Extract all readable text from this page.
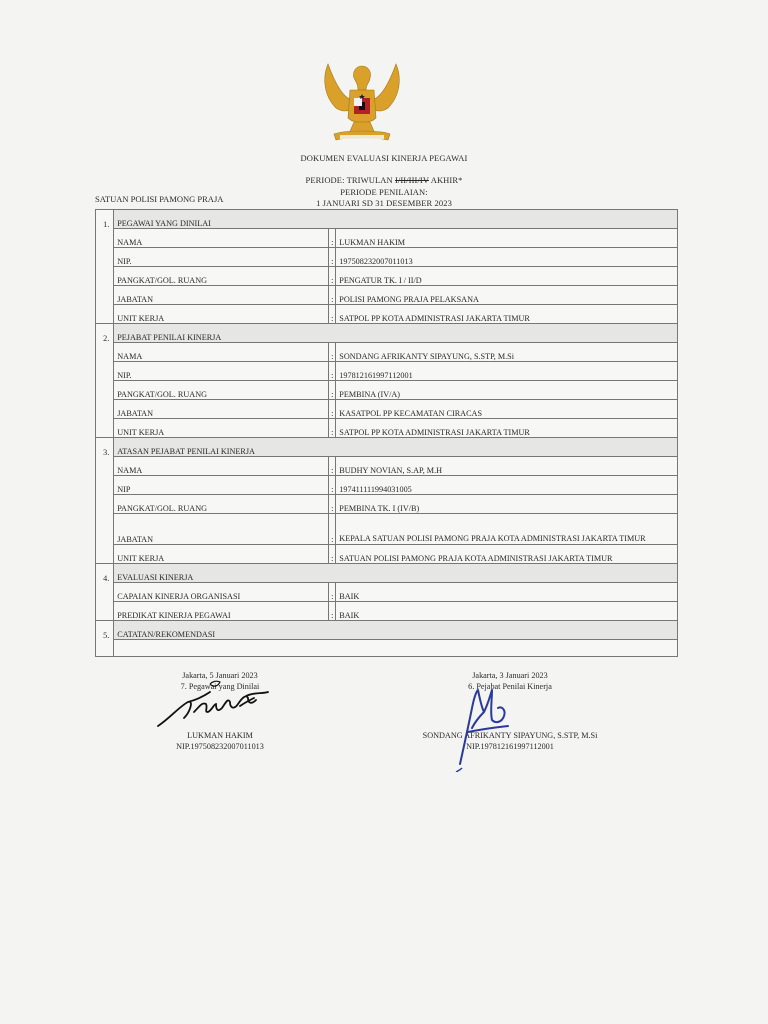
DOKUMEN EVALUASI KINERJA PEGAWAI
PERIODE: TRIWULAN I/II/III/IV AKHIR*
PERIODE PENILAIAN:
1 JANUARI SD 31 DESEMBER 2023
SATUAN POLISI PAMONG PRAJA
1.	PEGAWAI YANG DINILAI		
	NAMA	:	LUKMAN HAKIM
	NIP.	:	197508232007011013
	PANGKAT/GOL. RUANG	:	PENGATUR TK. I / II/D
	JABATAN	:	POLISI PAMONG PRAJA PELAKSANA
	UNIT KERJA	:	SATPOL PP KOTA ADMINISTRASI JAKARTA TIMUR
2.	PEJABAT PENILAI KINERJA		
	NAMA	:	SONDANG AFRIKANTY SIPAYUNG, S.STP, M.Si
	NIP.	:	197812161997112001
	PANGKAT/GOL. RUANG	:	PEMBINA (IV/A)
	JABATAN	:	KASATPOL PP KECAMATAN CIRACAS
	UNIT KERJA	:	SATPOL PP KOTA ADMINISTRASI JAKARTA TIMUR
3.	ATASAN PEJABAT PENILAI KINERJA		
	NAMA	:	BUDHY NOVIAN, S.AP, M.H
	NIP	:	197411111994031005
	PANGKAT/GOL. RUANG	:	PEMBINA TK. I (IV/B)
	JABATAN	:	KEPALA SATUAN POLISI PAMONG PRAJA KOTA ADMINISTRASI JAKARTA TIMUR
	UNIT KERJA	:	SATUAN POLISI PAMONG PRAJA KOTA ADMINISTRASI JAKARTA TIMUR
4.	EVALUASI KINERJA		
	CAPAIAN KINERJA ORGANISASI	:	BAIK
	PREDIKAT KINERJA PEGAWAI	:	BAIK
5.	CATATAN/REKOMENDASI		

Jakarta, 5 Januari 2023
7. Pegawai yang Dinilai
LUKMAN HAKIM
NIP.197508232007011013
Jakarta, 3 Januari 2023
6. Pejabat Penilai Kinerja
SONDANG AFRIKANTY SIPAYUNG, S.STP, M.Si
NIP.197812161997112001
